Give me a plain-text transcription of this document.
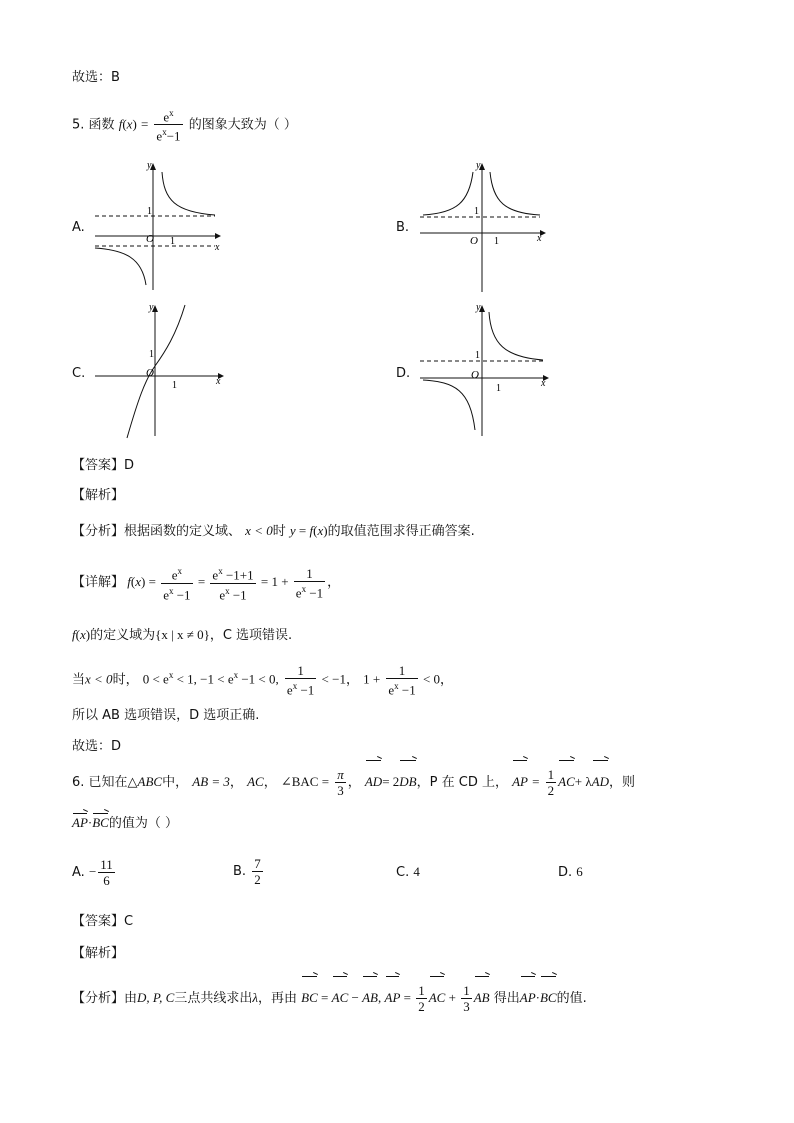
故选：B
5. 函数 $f(x) = \frac{e^x}{e^x-1}$ 的图象大致为（ ）
A.
y
x
O
1
1
B.
y
x
O
1
1
C.
y
x
O
1
1
D.
y
x
O
1
1
【答案】D
【解析】
【分析】根据函数的定义域、 x < 0时 y = f(x)的取值范围求得正确答案.
【详解】 $f(x) = \frac{e^x}{e^x -1} = \frac{e^x -1+1}{e^x -1} = 1 + \frac{1}{e^x -1}$ ，
f(x)的定义域为{x | x ≠ 0}，C 选项错误.
当x < 0时， $0 < e^x < 1$, $-1 < e^x -1 < 0$, $\frac{1}{e^x -1} < -1$， $1 + \frac{1}{e^x -1} < 0$，
所以 AB 选项错误，D 选项正确.
故选：D
6. 已知在△ABC中， AB = 3， AC， ∠BAC = $\frac{\pi}{3}$ ， AD= 2DB，P 在 CD 上， AP = $\frac{1}{2} AC+ \lambda AD$，则
AP·BC的值为（ ）
A. − $\frac{11}{6}$	B. $\frac{7}{2}$	C. 4	D. 6
【答案】C
【解析】
【分析】由D, P, C三点共线求出λ，再由 BC = AC − AB, AP = $\frac{1}{2}$ AC + $\frac{1}{3}$ AB 得出AP·BC的值.
